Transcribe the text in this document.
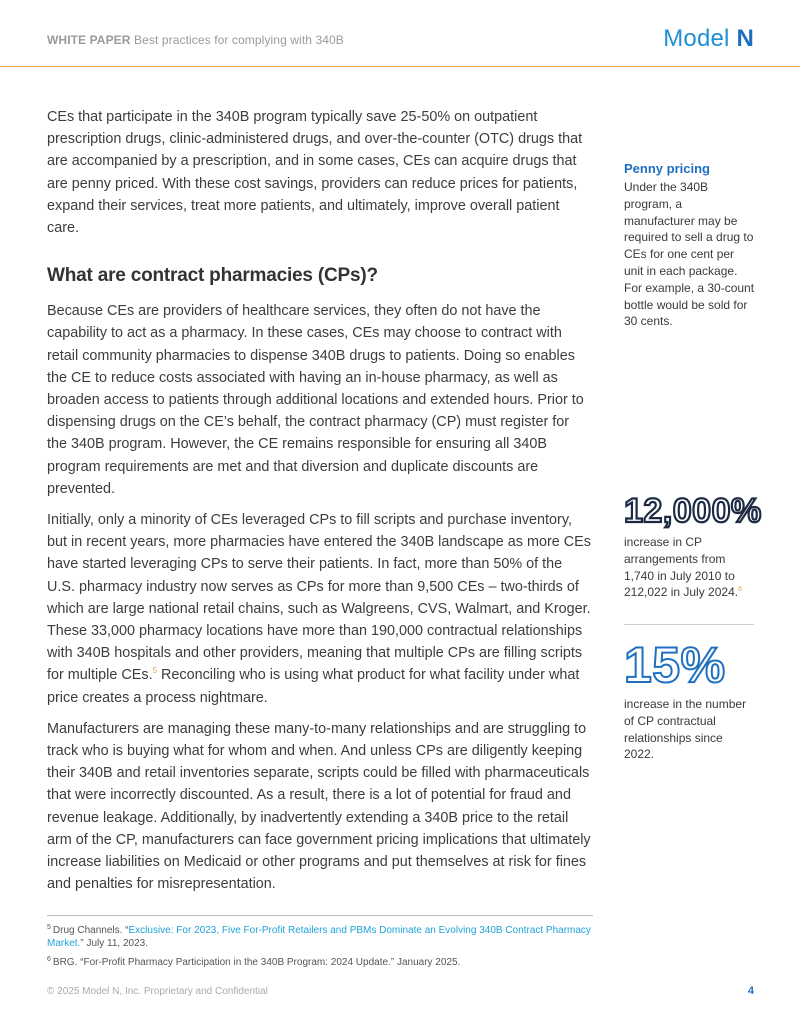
WHITE PAPER Best practices for complying with 340B	Model N

CEs that participate in the 340B program typically save 25-50% on outpatient prescription drugs, clinic-administered drugs, and over-the-counter (OTC) drugs that are accompanied by a prescription, and in some cases, CEs can acquire drugs that are penny priced. With these cost savings, providers can reduce prices for patients, expand their services, treat more patients, and ultimately, improve overall patient care.

What are contract pharmacies (CPs)?

Because CEs are providers of healthcare services, they often do not have the capability to act as a pharmacy. In these cases, CEs may choose to contract with retail community pharmacies to dispense 340B drugs to patients. Doing so enables the CE to reduce costs associated with having an in-house pharmacy, as well as broaden access to patients through additional locations and extended hours. Prior to dispensing drugs on the CE’s behalf, the contract pharmacy (CP) must register for the 340B program. However, the CE remains responsible for ensuring all 340B program requirements are met and that diversion and duplicate discounts are prevented.

Initially, only a minority of CEs leveraged CPs to fill scripts and purchase inventory, but in recent years, more pharmacies have entered the 340B landscape as more CEs have started leveraging CPs to serve their patients. In fact, more than 50% of the U.S. pharmacy industry now serves as CPs for more than 9,500 CEs – two-thirds of which are large national retail chains, such as Walgreens, CVS, Walmart, and Kroger. These 33,000 pharmacy locations have more than 190,000 contractual relationships with 340B hospitals and other providers, meaning that multiple CPs are filling scripts for multiple CEs.$^5$ Reconciling who is using what product for what facility under what price creates a process nightmare.

Manufacturers are managing these many-to-many relationships and are struggling to track who is buying what for whom and when. And unless CPs are diligently keeping their 340B and retail inventories separate, scripts could be filled with pharmaceuticals that were incorrectly discounted. As a result, there is a lot of potential for fraud and revenue leakage. Additionally, by inadvertently extending a 340B price to the retail arm of the CP, manufacturers can face government pricing implications that ultimately increase liabilities on Medicaid or other programs and put themselves at risk for fines and penalties for misrepresentation.

Penny pricing
Under the 340B program, a manufacturer may be required to sell a drug to CEs for one cent per unit in each package. For example, a 30-count bottle would be sold for 30 cents.
12,000%
increase in CP arrangements from 1,740 in July 2010 to 212,022 in July 2024.$^6$
15%
increase in the number of CP contractual relationships since 2022.
$^5$ Drug Channels. “Exclusive: For 2023, Five For-Profit Retailers and PBMs Dominate an Evolving 340B Contract Pharmacy Market.” July 11, 2023.
$^6$ BRG. “For-Profit Pharmacy Participation in the 340B Program: 2024 Update.” January 2025.
© 2025 Model N, Inc. Proprietary and Confidential	4
